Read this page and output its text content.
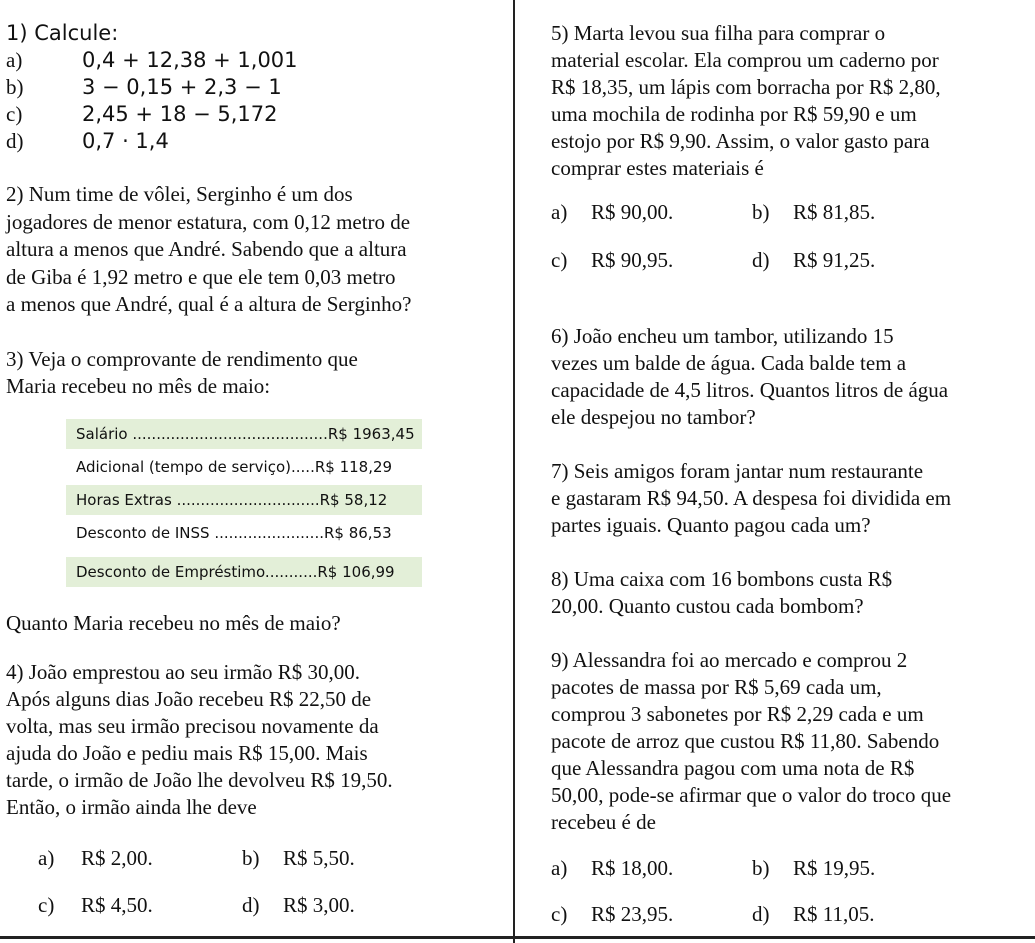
1) Calcule:
a)	0,4 + 12,38 + 1,001
b)	3 − 0,15 + 2,3 − 1
c)	2,45 + 18 − 5,172
d)	0,7 · 1,4
2) Num time de vôlei, Serginho é um dos
jogadores de menor estatura, com 0,12 metro de
altura a menos que André. Sabendo que a altura
de Giba é 1,92 metro e que ele tem 0,03 metro
a menos que André, qual é a altura de Serginho?
3) Veja o comprovante de rendimento que
Maria recebeu no mês de maio:
Salário .........................................R$ 1963,45
Adicional (tempo de serviço).....R$ 118,29
Horas Extras ..............................R$ 58,12
Desconto de INSS .......................R$ 86,53
Desconto de Empréstimo...........R$ 106,99
Quanto Maria recebeu no mês de maio?
4) João emprestou ao seu irmão R$ 30,00.
Após alguns dias João recebeu R$ 22,50 de
volta, mas seu irmão precisou novamente da
ajuda do João e pediu mais R$ 15,00. Mais
tarde, o irmão de João lhe devolveu R$ 19,50.
Então, o irmão ainda lhe deve
a) R$ 2,00.	b) R$ 5,50.
c) R$ 4,50.	d) R$ 3,00.
5) Marta levou sua filha para comprar o
material escolar. Ela comprou um caderno por
R$ 18,35, um lápis com borracha por R$ 2,80,
uma mochila de rodinha por R$ 59,90 e um
estojo por R$ 9,90. Assim, o valor gasto para
comprar estes materiais é
a) R$ 90,00.	b) R$ 81,85.
c) R$ 90,95.	d) R$ 91,25.
6) João encheu um tambor, utilizando 15
vezes um balde de água. Cada balde tem a
capacidade de 4,5 litros. Quantos litros de água
ele despejou no tambor?
7) Seis amigos foram jantar num restaurante
e gastaram R$ 94,50. A despesa foi dividida em
partes iguais. Quanto pagou cada um?
8) Uma caixa com 16 bombons custa R$
20,00. Quanto custou cada bombom?
9) Alessandra foi ao mercado e comprou 2
pacotes de massa por R$ 5,69 cada um,
comprou 3 sabonetes por R$ 2,29 cada e um
pacote de arroz que custou R$ 11,80. Sabendo
que Alessandra pagou com uma nota de R$
50,00, pode-se afirmar que o valor do troco que
recebeu é de
a) R$ 18,00.	b) R$ 19,95.
c) R$ 23,95.	d) R$ 11,05.
